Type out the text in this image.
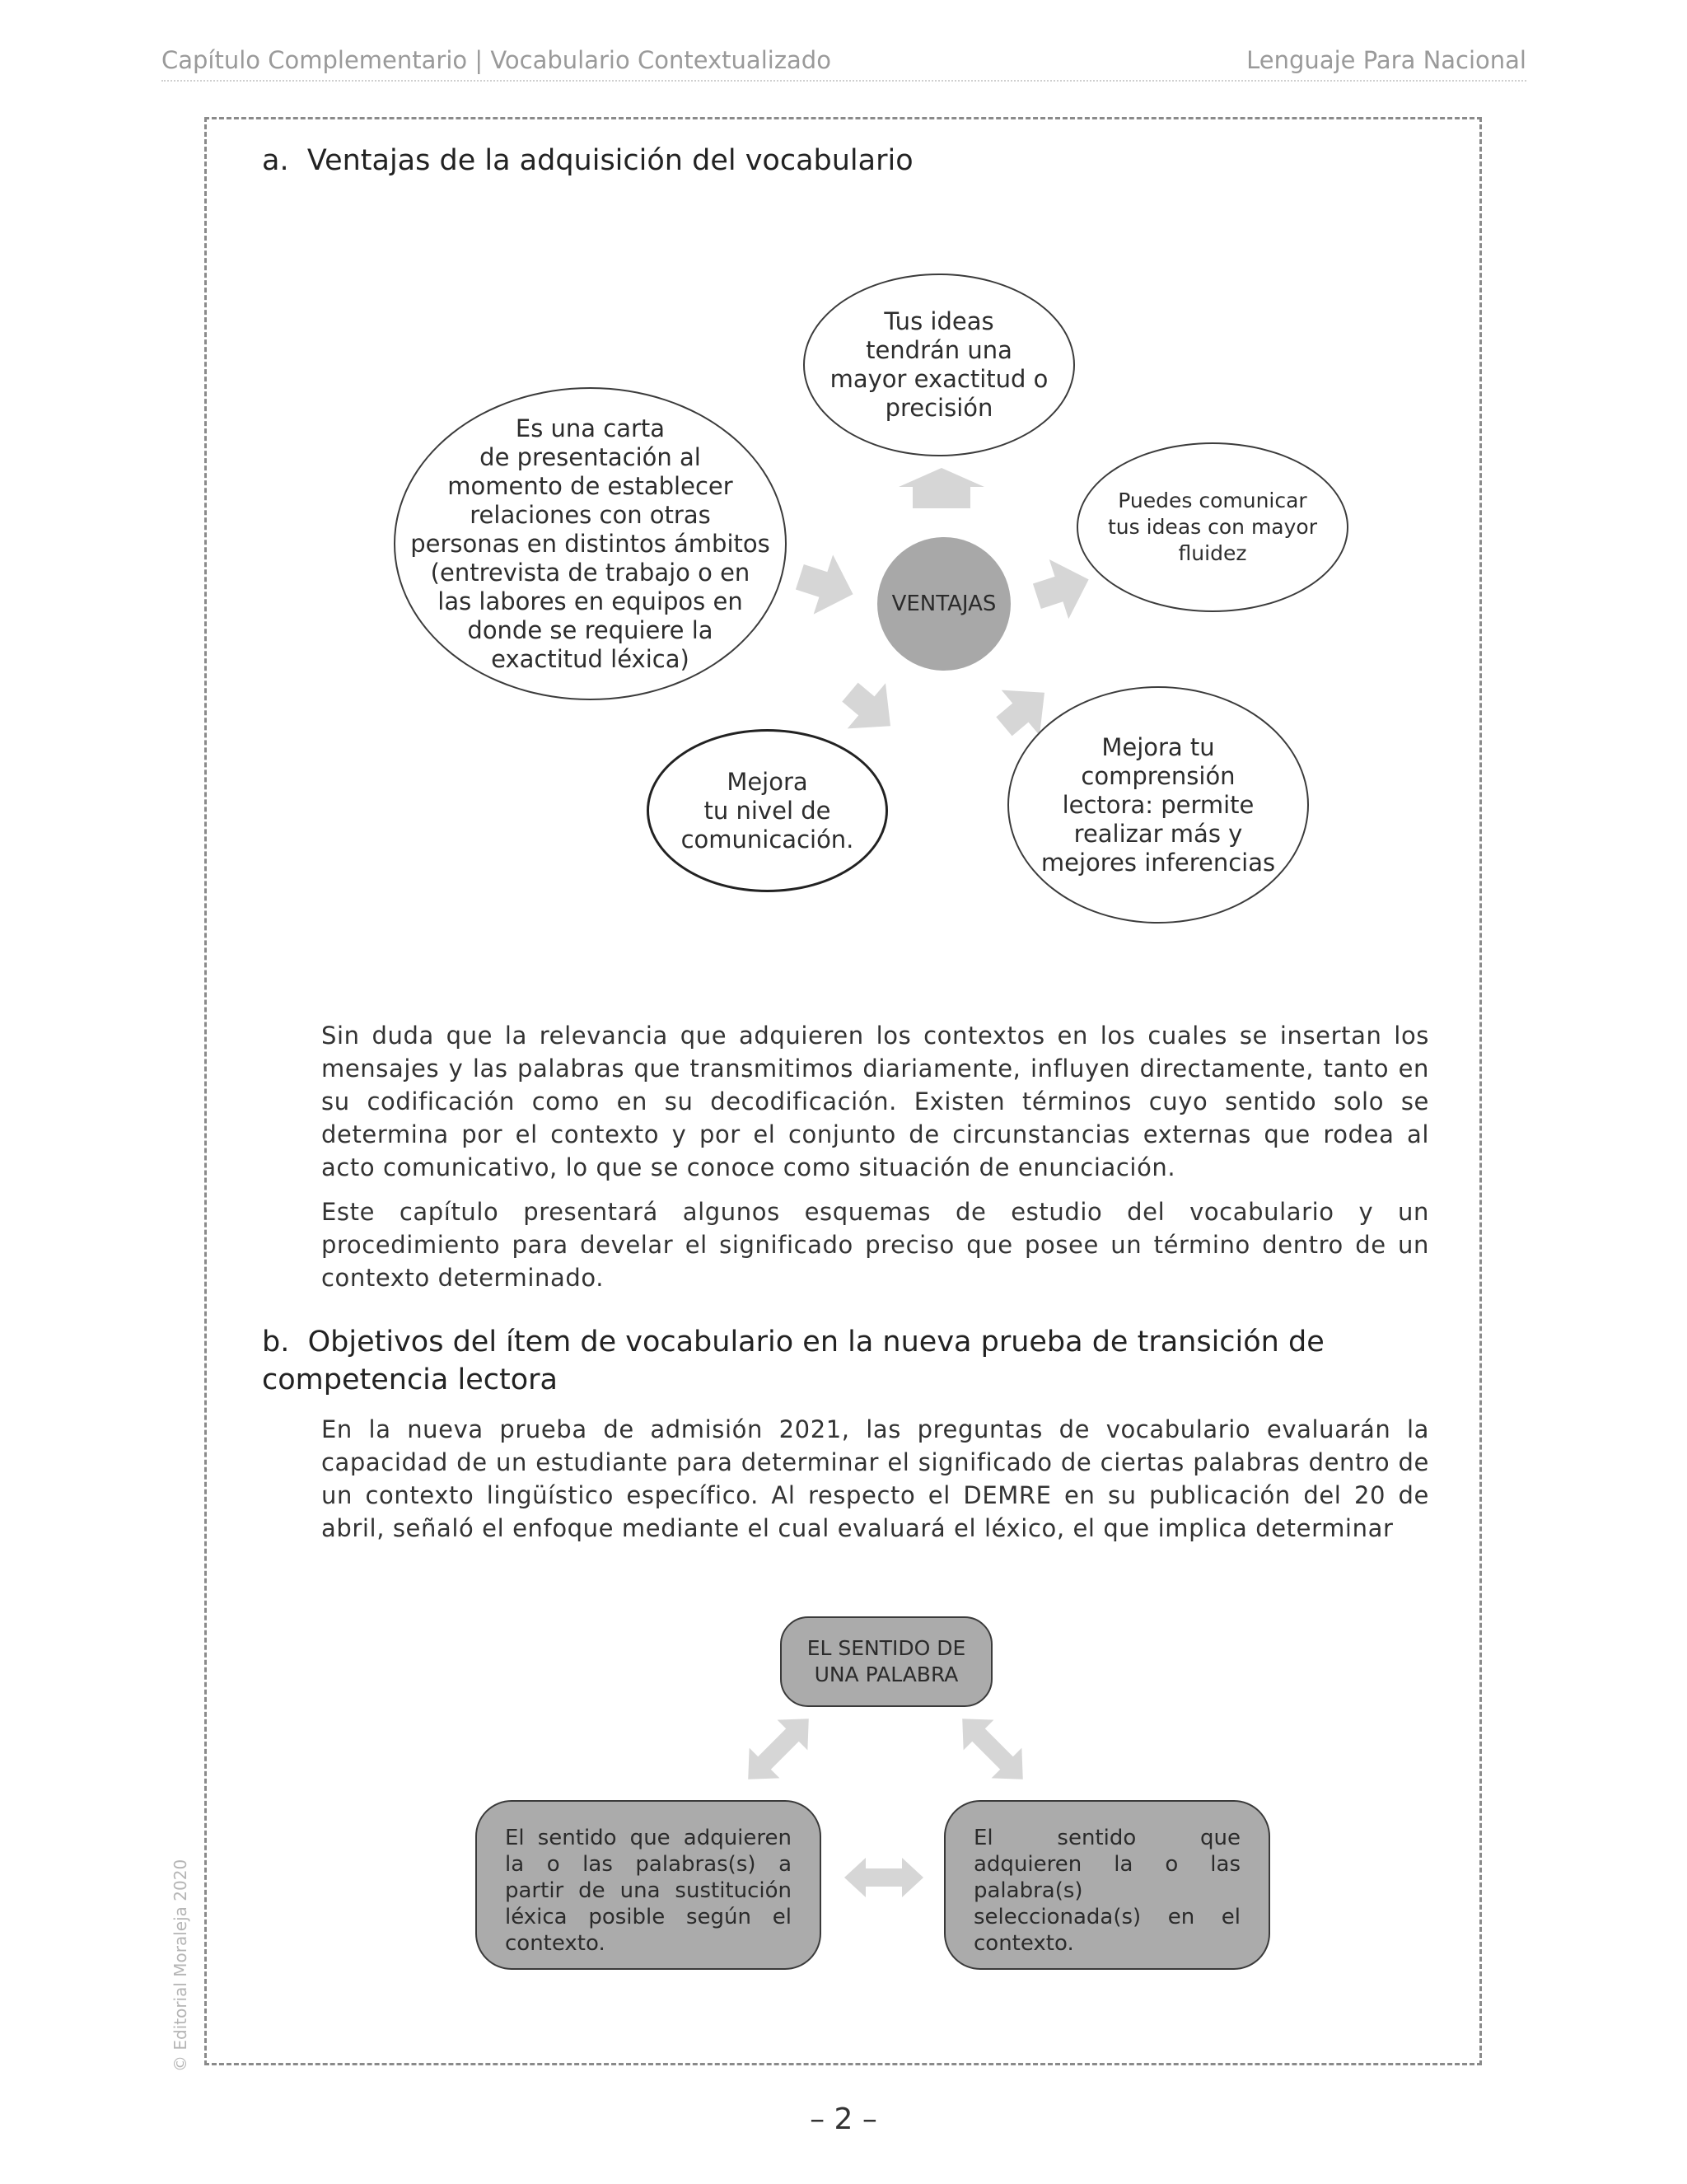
Capítulo Complementario | Vocabulario Contextualizado	Lenguaje Para Nacional
a. Ventajas de la adquisición del vocabulario
VENTAJAS
Tus ideas
tendrán una
mayor exactitud o
precisión
Puedes comunicar
tus ideas con mayor
fluidez
Mejora tu
comprensión
lectora: permite
realizar más y
mejores inferencias
Mejora
tu nivel de
comunicación.
Es una carta
de presentación al
momento de establecer
relaciones con otras
personas en distintos ámbitos
(entrevista de trabajo o en
las labores en equipos en
donde se requiere la
exactitud léxica)
Sin duda que la relevancia que adquieren los contextos en los cuales se insertan los mensajes y las palabras que transmitimos diariamente, influyen directamente, tanto en su codificación como en su decodificación. Existen términos cuyo sentido solo se determina por el contexto y por el conjunto de circunstancias externas que rodea al acto comunicativo, lo que se conoce como situación de enunciación.
Este capítulo presentará algunos esquemas de estudio del vocabulario y un procedimiento para develar el significado preciso que posee un término dentro de un contexto determinado.
b. Objetivos del ítem de vocabulario en la nueva prueba de transición de competencia lectora
En la nueva prueba de admisión 2021, las preguntas de vocabulario evaluarán la capacidad de un estudiante para determinar el significado de ciertas palabras dentro de un contexto lingüístico específico. Al respecto el DEMRE en su publicación del 20 de abril, señaló el enfoque mediante el cual evaluará el léxico, el que implica determinar
EL SENTIDO DE
UNA PALABRA
El sentido que adquieren la o las palabras(s) a partir de una sustitución léxica posible según el contexto.
El sentido que adquieren la o las palabra(s) seleccionada(s) en el contexto.
© Editorial Moraleja 2020
– 2 –
